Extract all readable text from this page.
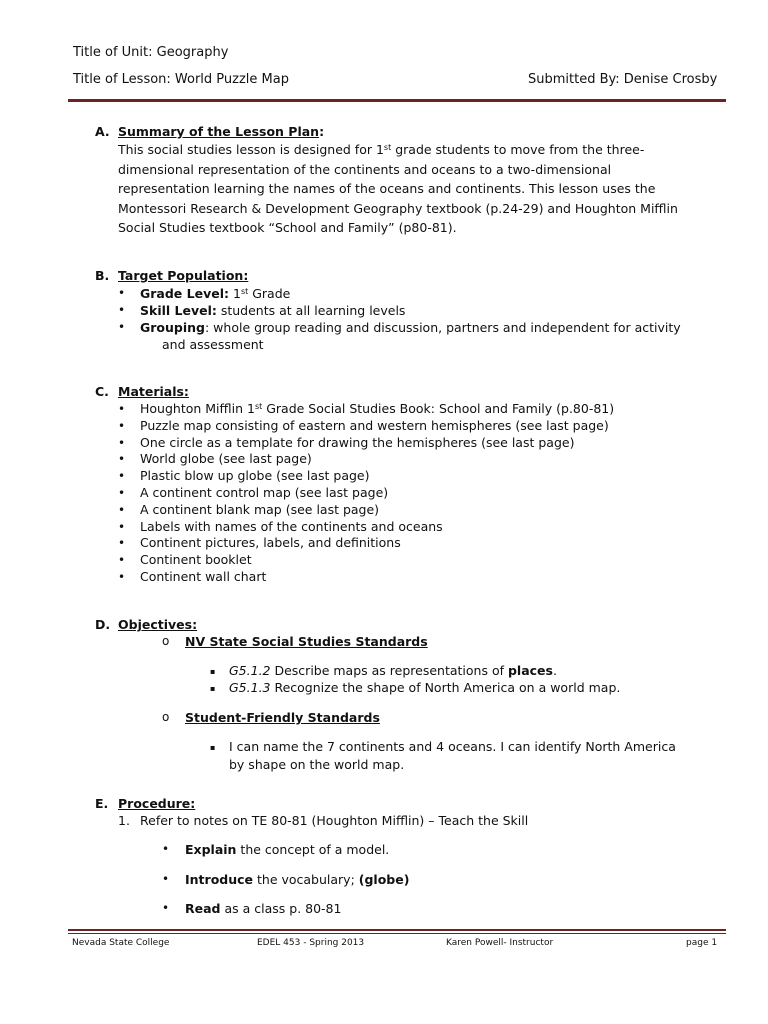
Title of Unit: Geography
Title of Lesson: World Puzzle Map	Submitted By: Denise Crosby
A. Summary of the Lesson Plan:
This social studies lesson is designed for 1st grade students to move from the three-
dimensional representation of the continents and oceans to a two-dimensional
representation learning the names of the oceans and continents. This lesson uses the
Montessori Research & Development Geography textbook (p.24-29) and Houghton Mifflin
Social Studies textbook “School and Family” (p80-81).
B. Target Population:
• Grade Level: 1st Grade
• Skill Level: students at all learning levels
• Grouping: whole group reading and discussion, partners and independent for activity
and assessment
C. Materials:
• Houghton Mifflin 1st Grade Social Studies Book: School and Family (p.80-81)
• Puzzle map consisting of eastern and western hemispheres (see last page)
• One circle as a template for drawing the hemispheres (see last page)
• World globe (see last page)
• Plastic blow up globe (see last page)
• A continent control map (see last page)
• A continent blank map (see last page)
• Labels with names of the continents and oceans
• Continent pictures, labels, and definitions
• Continent booklet
• Continent wall chart
D. Objectives:
o NV State Social Studies Standards
▪ G5.1.2 Describe maps as representations of places.
▪ G5.1.3 Recognize the shape of North America on a world map.
o Student-Friendly Standards
▪ I can name the 7 continents and 4 oceans. I can identify North America
by shape on the world map.
E. Procedure:
1. Refer to notes on TE 80-81 (Houghton Mifflin) – Teach the Skill
• Explain the concept of a model.
• Introduce the vocabulary; (globe)
• Read as a class p. 80-81
Nevada State College	EDEL 453 - Spring 2013	Karen Powell- Instructor	page 1
